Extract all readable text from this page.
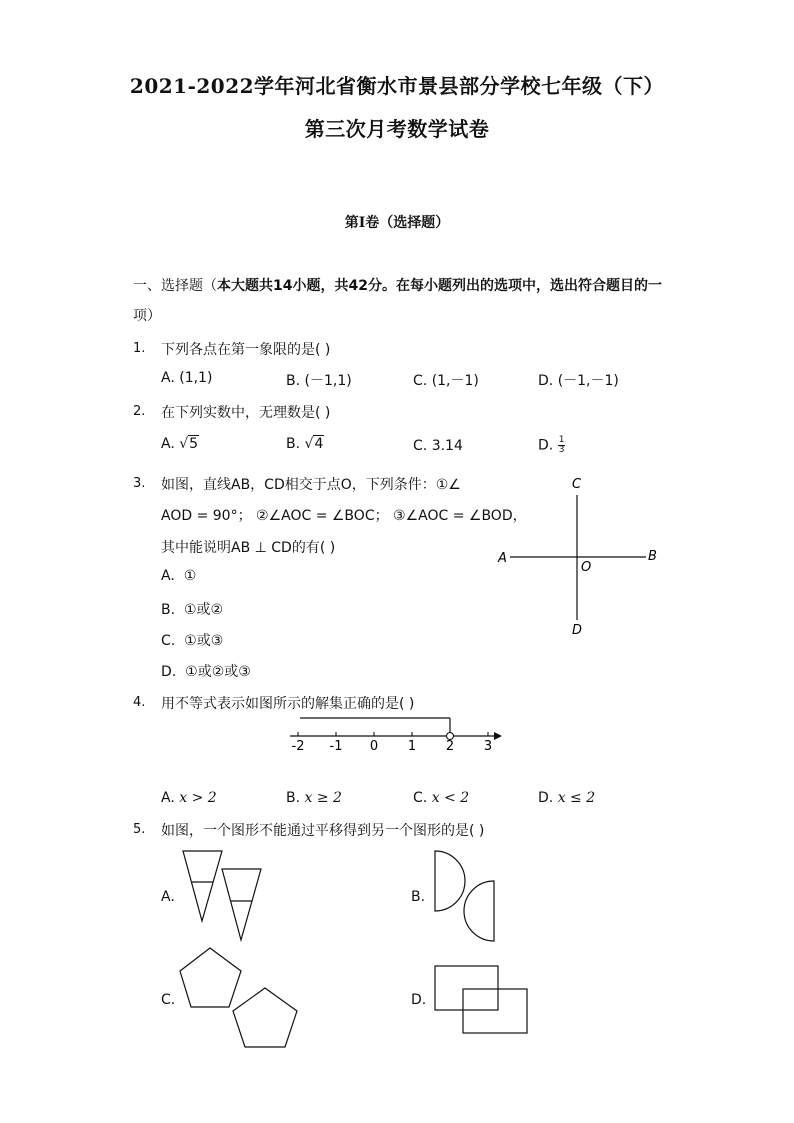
2021-2022学年河北省衡水市景县部分学校七年级（下）
第三次月考数学试卷
第I卷（选择题）
一、选择题（本大题共14小题，共42分。在每小题列出的选项中，选出符合题目的一
项）
1. 下列各点在第一象限的是( )
A. (1,1)	B. (－1,1)	C. (1,－1)	D. (－1,－1)
2. 在下列实数中，无理数是( )
A. √5	B. √4	C. 3.14	D. $\frac{1}{3}$
3. 如图，直线AB，CD相交于点O，下列条件：①∠
AOD = 90°； ②∠AOC = ∠BOC； ③∠AOC = ∠BOD，
其中能说明AB ⊥ CD的有( )
A. ①
B. ①或②
C. ①或③
D. ①或②或③
A	B
C
D
O
4. 用不等式表示如图所示的解集正确的是( )
-2 -1 0 1 2 3
A. x > 2	B. x ≥ 2	C. x < 2	D. x ≤ 2
5. 如图，一个图形不能通过平移得到另一个图形的是( )
A.	B.
C.	D.
